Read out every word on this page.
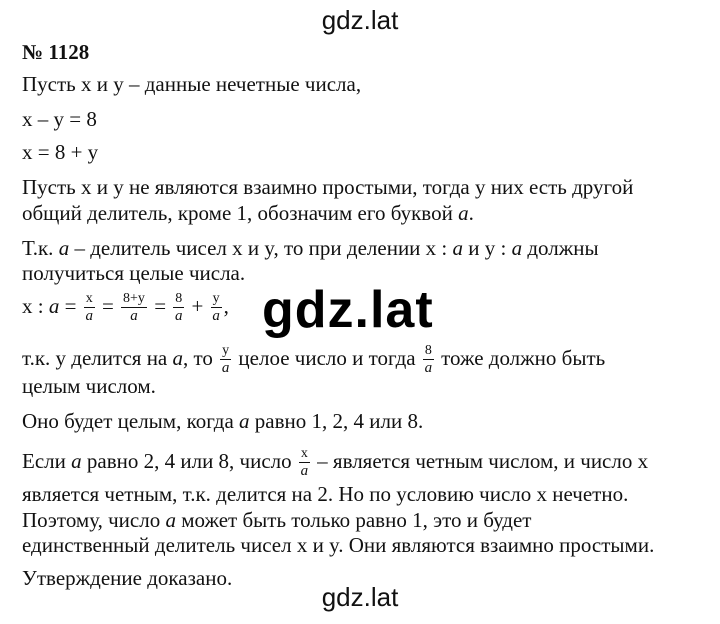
gdz.lat
№ 1128
Пусть x и y – данные нечетные числа,
x – y = 8
x = 8 + y
Пусть x и y не являются взаимно простыми, тогда у них есть другой
общий делитель, кроме 1, обозначим его буквой a.
Т.к. a – делитель чисел x и y, то при делении x : a и y : a должны
получиться целые числа.
x : $a = \frac{x}{a} = \frac{8+y}{a} = \frac{8}{a} + \frac{y}{a}$ , gdz.lat
т.к. y делится на a, то $\frac{y}{a}$ целое число и тогда $\frac{8}{a}$ тоже должно быть
целым числом.
Оно будет целым, когда a равно 1, 2, 4 или 8.
Если a равно 2, 4 или 8, число $\frac{x}{a}$ – является четным числом, и число x
является четным, т.к. делится на 2. Но по условию число x нечетно.
Поэтому, число a может быть только равно 1, это и будет
единственный делитель чисел x и y. Они являются взаимно простыми.
Утверждение доказано.
gdz.lat
